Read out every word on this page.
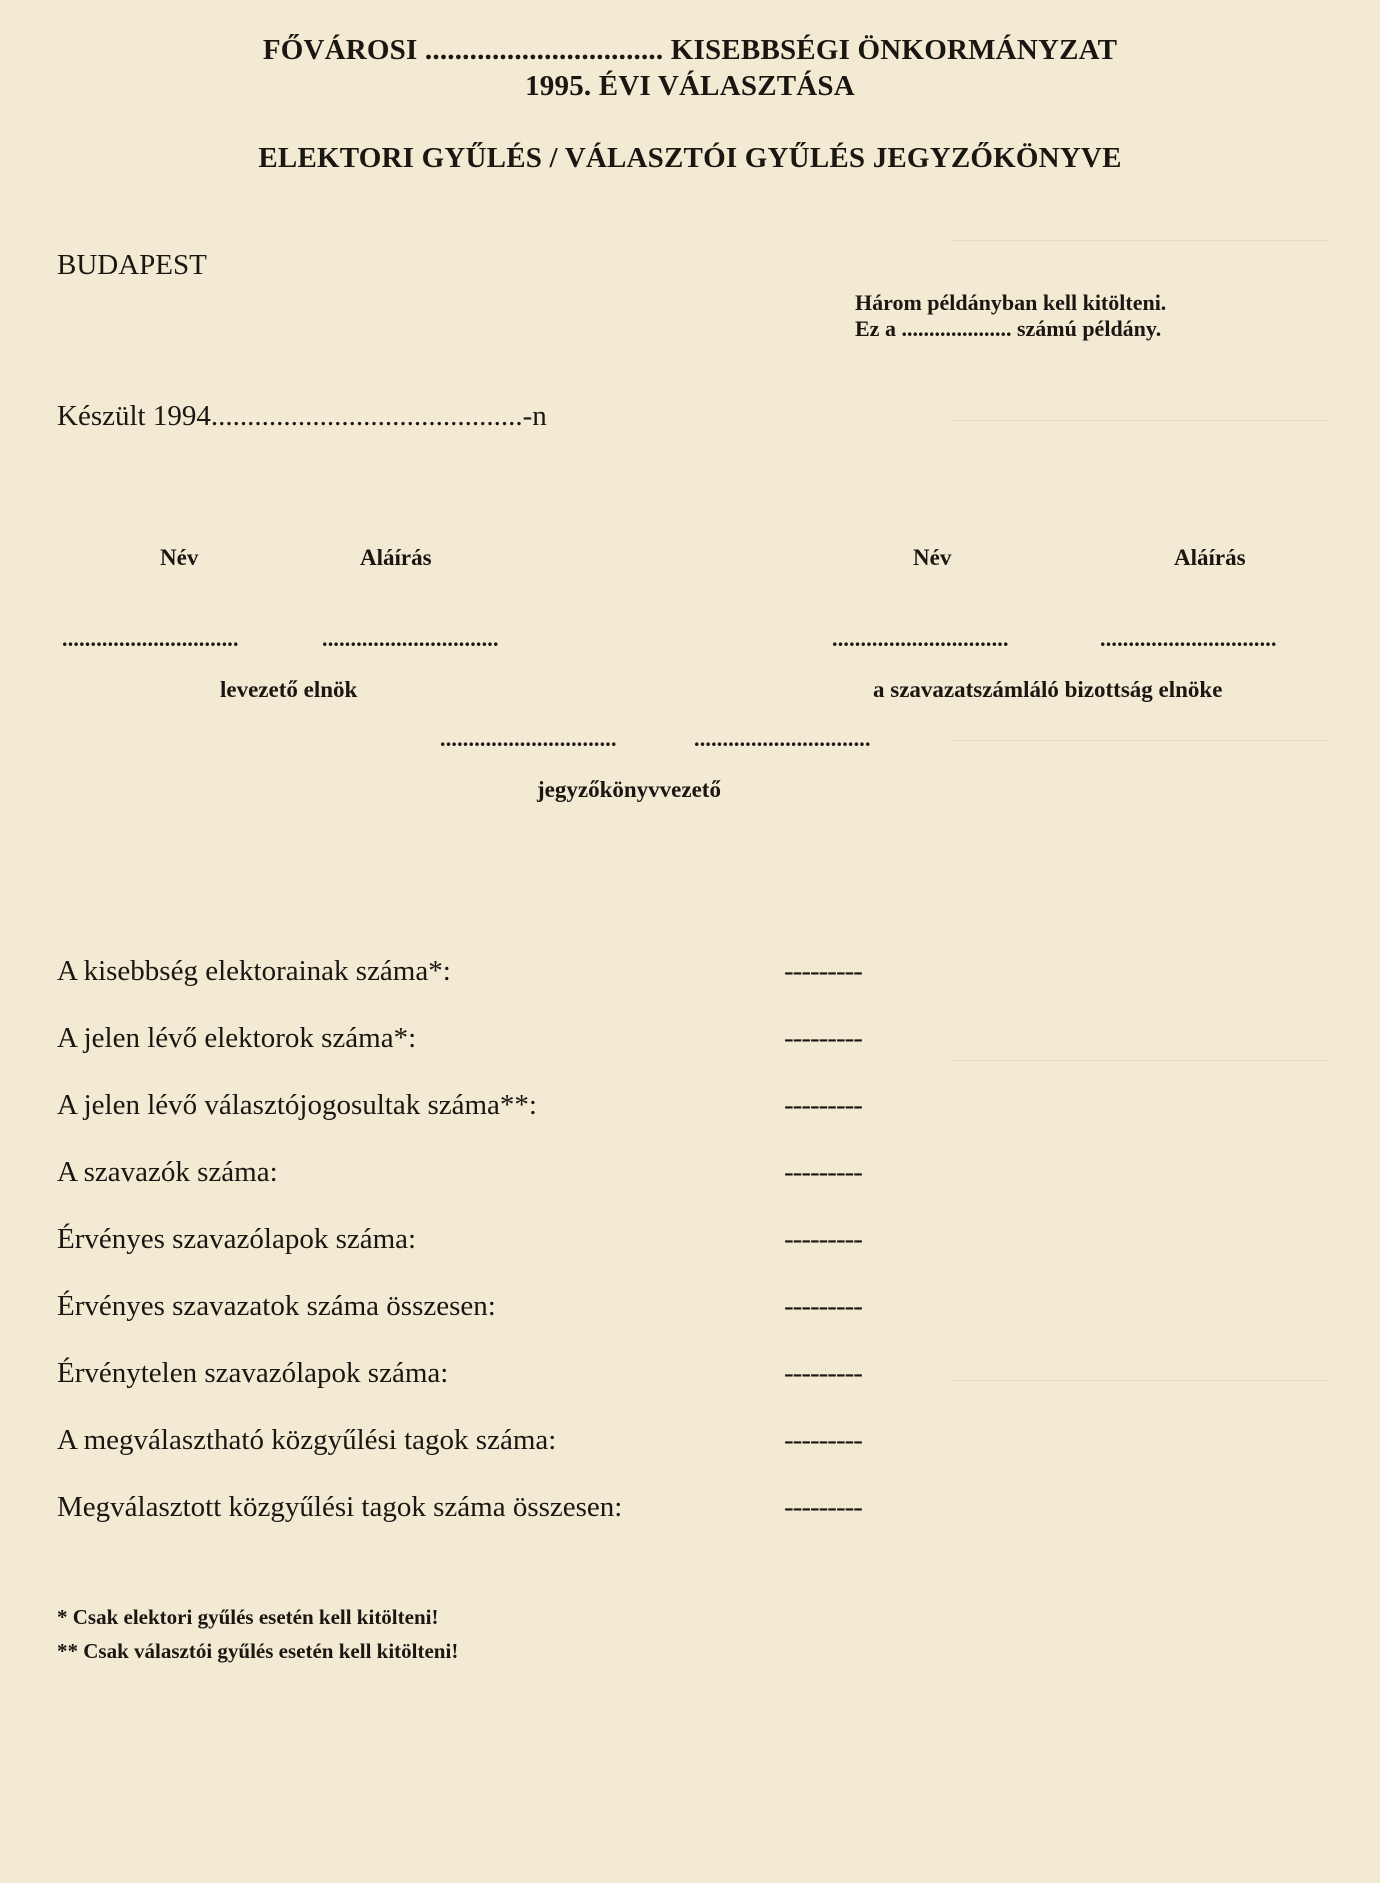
FŐVÁROSI ................................ KISEBBSÉGI ÖNKORMÁNYZAT
1995. ÉVI VÁLASZTÁSA
ELEKTORI GYŰLÉS / VÁLASZTÓI GYŰLÉS JEGYZŐKÖNYVE
BUDAPEST
Három példányban kell kitölteni.
Ez a .................... számú példány.
Készült 1994...........................................-n
Név	Aláírás	Név	Aláírás
...............................	...............................	...............................	...............................
levezető elnök	a szavazatszámláló bizottság elnöke
...............................	...............................
jegyzőkönyvvezető
A kisebbség elektorainak száma*:	---------
A jelen lévő elektorok száma*:	---------
A jelen lévő választójogosultak száma**:	---------
A szavazók száma:	---------
Érvényes szavazólapok száma:	---------
Érvényes szavazatok száma összesen:	---------
Érvénytelen szavazólapok száma:	---------
A megválasztható közgyűlési tagok száma:	---------
Megválasztott közgyűlési tagok száma összesen:	---------
* Csak elektori gyűlés esetén kell kitölteni!
** Csak választói gyűlés esetén kell kitölteni!
